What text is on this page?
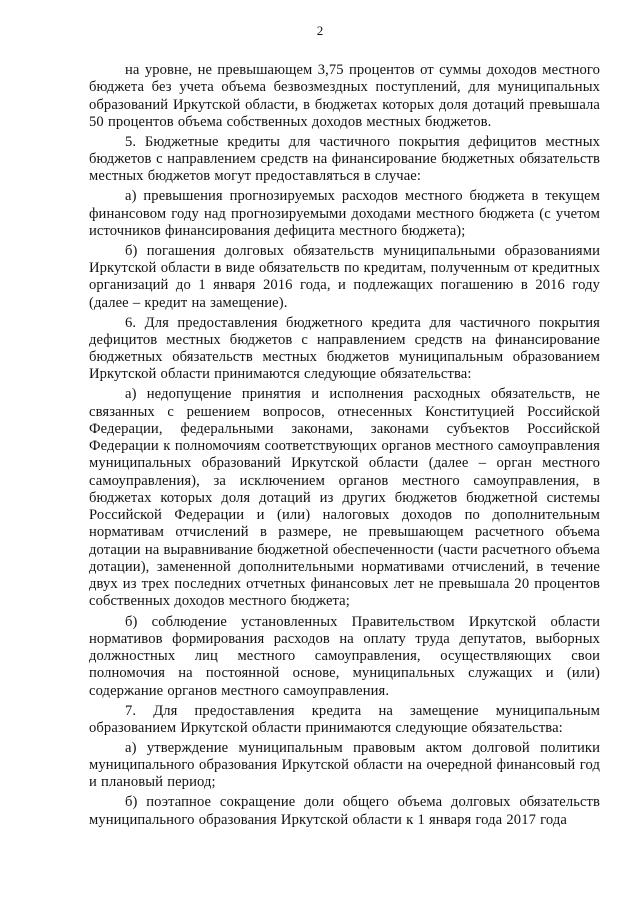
2

на уровне, не превышающем 3,75 процентов от суммы доходов местного бюджета без учета объема безвозмездных поступлений, для муниципальных образований Иркутской области, в бюджетах которых доля дотаций превышала 50 процентов объема собственных доходов местных бюджетов.

5. Бюджетные кредиты для частичного покрытия дефицитов местных бюджетов с направлением средств на финансирование бюджетных обязательств местных бюджетов могут предоставляться в случае:

а) превышения прогнозируемых расходов местного бюджета в текущем финансовом году над прогнозируемыми доходами местного бюджета (с учетом источников финансирования дефицита местного бюджета);

б) погашения долговых обязательств муниципальными образованиями Иркутской области в виде обязательств по кредитам, полученным от кредитных организаций до 1 января 2016 года, и подлежащих погашению в 2016 году (далее – кредит на замещение).

6. Для предоставления бюджетного кредита для частичного покрытия дефицитов местных бюджетов с направлением средств на финансирование бюджетных обязательств местных бюджетов муниципальным образованием Иркутской области принимаются следующие обязательства:

а) недопущение принятия и исполнения расходных обязательств, не связанных с решением вопросов, отнесенных Конституцией Российской Федерации, федеральными законами, законами субъектов Российской Федерации к полномочиям соответствующих органов местного самоуправления муниципальных образований Иркутской области (далее – орган местного самоуправления), за исключением органов местного самоуправления, в бюджетах которых доля дотаций из других бюджетов бюджетной системы Российской Федерации и (или) налоговых доходов по дополнительным нормативам отчислений в размере, не превышающем расчетного объема дотации на выравнивание бюджетной обеспеченности (части расчетного объема дотации), замененной дополнительными нормативами отчислений, в течение двух из трех последних отчетных финансовых лет не превышала 20 процентов собственных доходов местного бюджета;

б) соблюдение установленных Правительством Иркутской области нормативов формирования расходов на оплату труда депутатов, выборных должностных лиц местного самоуправления, осуществляющих свои полномочия на постоянной основе, муниципальных служащих и (или) содержание органов местного самоуправления.

7. Для предоставления кредита на замещение муниципальным образованием Иркутской области принимаются следующие обязательства:

а) утверждение муниципальным правовым актом долговой политики муниципального образования Иркутской области на очередной финансовый год и плановый период;

б) поэтапное сокращение доли общего объема долговых обязательств муниципального образования Иркутской области к 1 января года 2017 года
